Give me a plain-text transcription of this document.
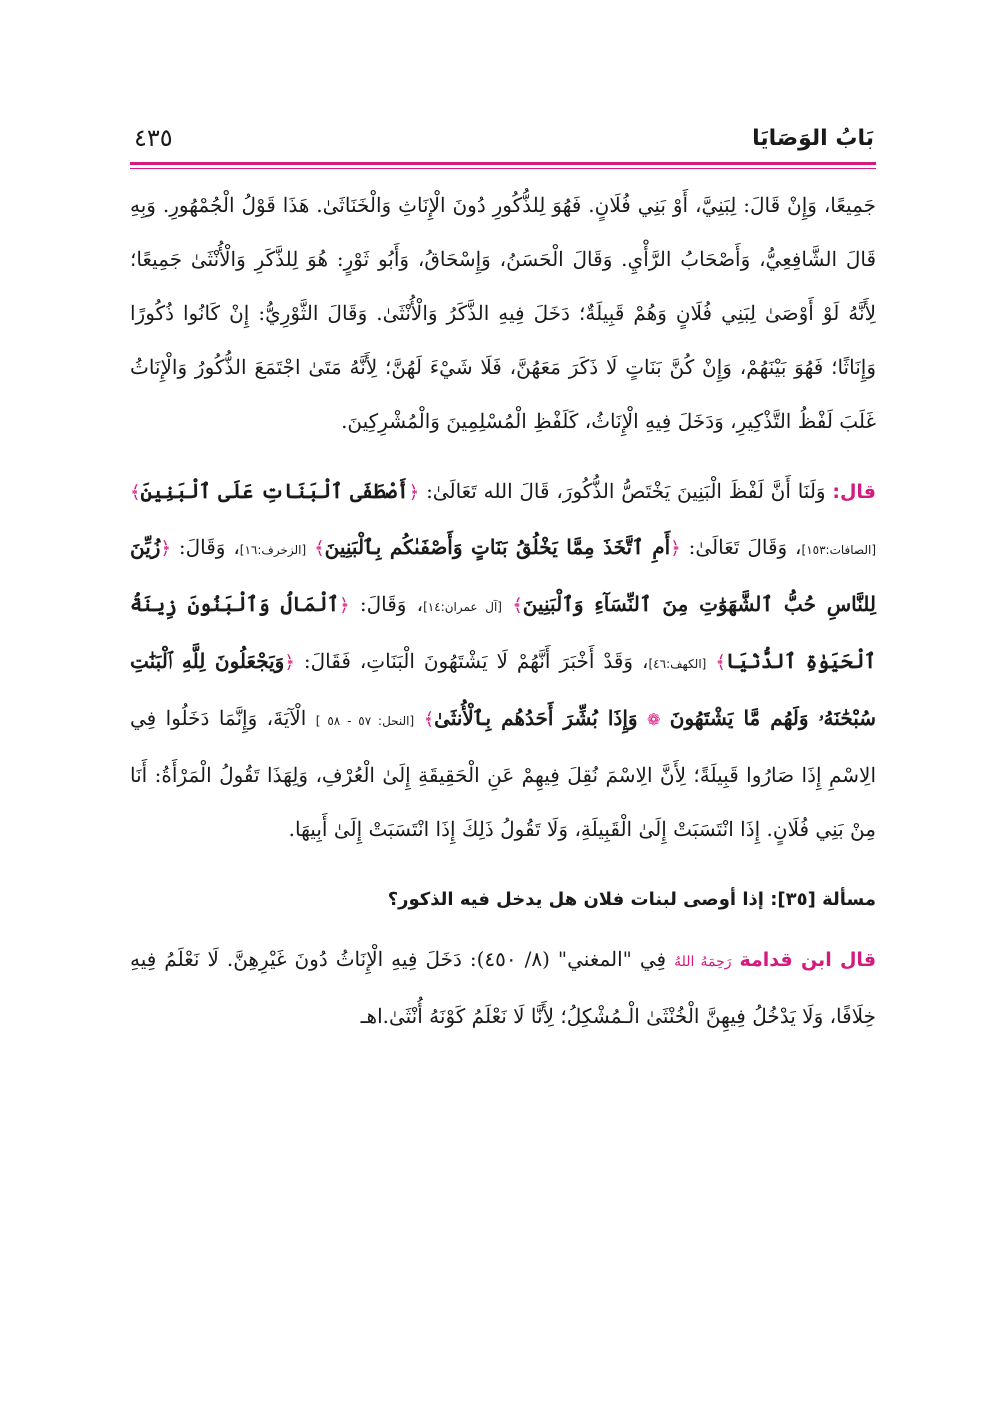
بَابُ الوَصَايَا
٤٣٥

جَمِيعًا، وَإِنْ قَالَ: لِبَنِيَّ، أَوْ بَنِي فُلَانٍ. فَهُوَ لِلذُّكُورِ دُونَ الْإِنَاثِ وَالْخَنَاثَىٰ. هَذَا قَوْلُ الْجُمْهُورِ. وَبِهِ قَالَ الشَّافِعِيُّ، وَأَصْحَابُ الرَّأْيِ. وَقَالَ الْحَسَنُ، وَإِسْحَاقُ، وَأَبُو ثَوْرٍ: هُوَ لِلذَّكَرِ وَالْأُنْثَىٰ جَمِيعًا؛ لِأَنَّهُ لَوْ أَوْصَىٰ لِبَنِي فُلَانٍ وَهُمْ قَبِيلَةٌ؛ دَخَلَ فِيهِ الذَّكَرُ وَالْأُنْثَىٰ. وَقَالَ الثَّوْرِيُّ: إِنْ كَانُوا ذُكُورًا وَإِنَاثًا؛ فَهُوَ بَيْنَهُمْ، وَإِنْ كُنَّ بَنَاتٍ لَا ذَكَرَ مَعَهُنَّ، فَلَا شَيْءَ لَهُنَّ؛ لِأَنَّهُ مَتَىٰ اجْتَمَعَ الذُّكُورُ وَالْإِنَاثُ غَلَبَ لَفْظُ التَّذْكِيرِ، وَدَخَلَ فِيهِ الْإِنَاثُ، كَلَفْظِ الْمُسْلِمِينَ وَالْمُشْرِكِينَ.

قال: وَلَنَا أَنَّ لَفْظَ الْبَنِينَ يَخْتَصُّ الذُّكُورَ، قَالَ الله تَعَالَىٰ: ﴿أَصْطَفَى ٱلْبَنَاتِ عَلَى ٱلْبَنِينَ﴾ [الصافات:١٥٣]، وَقَالَ تَعَالَىٰ: ﴿أَمِ ٱتَّخَذَ مِمَّا يَخْلُقُ بَنَاتٍ وَأَصْفَىٰكُم بِٱلْبَنِينَ﴾ [الزخرف:١٦]، وَقَالَ: ﴿زُيِّنَ لِلنَّاسِ حُبُّ ٱلشَّهَوَٰتِ مِنَ ٱلنِّسَآءِ وَٱلْبَنِينَ﴾ [آل عمران:١٤]، وَقَالَ: ﴿ٱلْمَالُ وَٱلْبَنُونَ زِينَةُ ٱلْحَيَوٰةِ ٱلدُّنْيَا﴾ [الكهف:٤٦]، وَقَدْ أَخْبَرَ أَنَّهُمْ لَا يَشْتَهُونَ الْبَنَاتِ، فَقَالَ: ﴿وَيَجْعَلُونَ لِلَّهِ ٱلْبَنَٰتِ سُبْحَٰنَهُۥ وَلَهُم مَّا يَشْتَهُونَ ❁ وَإِذَا بُشِّرَ أَحَدُهُم بِٱلْأُنثَىٰ﴾ [النحل: ٥٧ - ٥٨ ] الْآيَةَ، وَإِنَّمَا دَخَلُوا فِي الِاسْمِ إِذَا صَارُوا قَبِيلَةً؛ لِأَنَّ الِاسْمَ نُقِلَ فِيهِمْ عَنِ الْحَقِيقَةِ إِلَىٰ الْعُرْفِ، وَلِهَذَا تَقُولُ الْمَرْأَةُ: أَنَا مِنْ بَنِي فُلَانٍ. إِذَا انْتَسَبَتْ إِلَىٰ الْقَبِيلَةِ، وَلَا تَقُولُ ذَلِكَ إِذَا انْتَسَبَتْ إِلَىٰ أَبِيهَا.

مسألة [٣٥]: إذا أوصى لبنات فلان هل يدخل فيه الذكور؟

قال ابن قدامة رَحِمَهُ اللهُ فِي "المغني" (٨/ ٤٥٠): دَخَلَ فِيهِ الْإِنَاثُ دُونَ غَيْرِهِنَّ. لَا نَعْلَمُ فِيهِ خِلَافًا، وَلَا يَدْخُلُ فِيهِنَّ الْخُنْثَىٰ الْـمُشْكِلُ؛ لِأَنَّا لَا نَعْلَمُ كَوْنَهُ أُنْثَىٰ.اهـ
